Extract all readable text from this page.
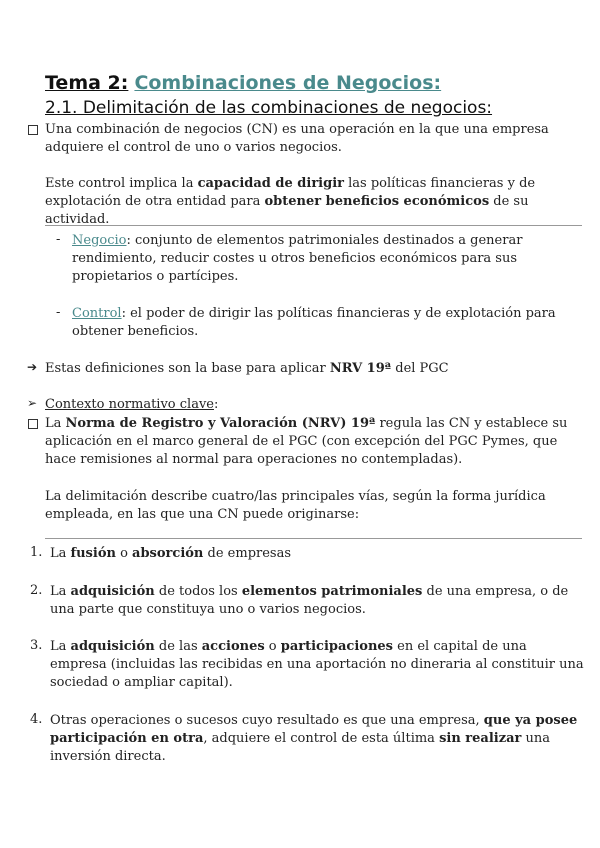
Tema 2: Combinaciones de Negocios:
2.1. Delimitación de las combinaciones de negocios:
Una combinación de negocios (CN) es una operación en la que una empresa adquiere el control de uno o varios negocios.
Este control implica la capacidad de dirigir las políticas financieras y de explotación de otra entidad para obtener beneficios económicos de su actividad.
- Negocio: conjunto de elementos patrimoniales destinados a generar rendimiento, reducir costes u otros beneficios económicos para sus propietarios o partícipes.
- Control: el poder de dirigir las políticas financieras y de explotación para obtener beneficios.
➔ Estas definiciones son la base para aplicar NRV 19ª del PGC
➢ Contexto normativo clave:
La Norma de Registro y Valoración (NRV) 19ª regula las CN y establece su aplicación en el marco general de el PGC (con excepción del PGC Pymes, que hace remisiones al normal para operaciones no contempladas).
La delimitación describe cuatro/las principales vías, según la forma jurídica empleada, en las que una CN puede originarse:
1. La fusión o absorción de empresas
2. La adquisición de todos los elementos patrimoniales de una empresa, o de una parte que constituya uno o varios negocios.
3. La adquisición de las acciones o participaciones en el capital de una empresa (incluidas las recibidas en una aportación no dineraria al constituir una sociedad o ampliar capital).
4. Otras operaciones o sucesos cuyo resultado es que una empresa, que ya posee participación en otra, adquiere el control de esta última sin realizar una inversión directa.
